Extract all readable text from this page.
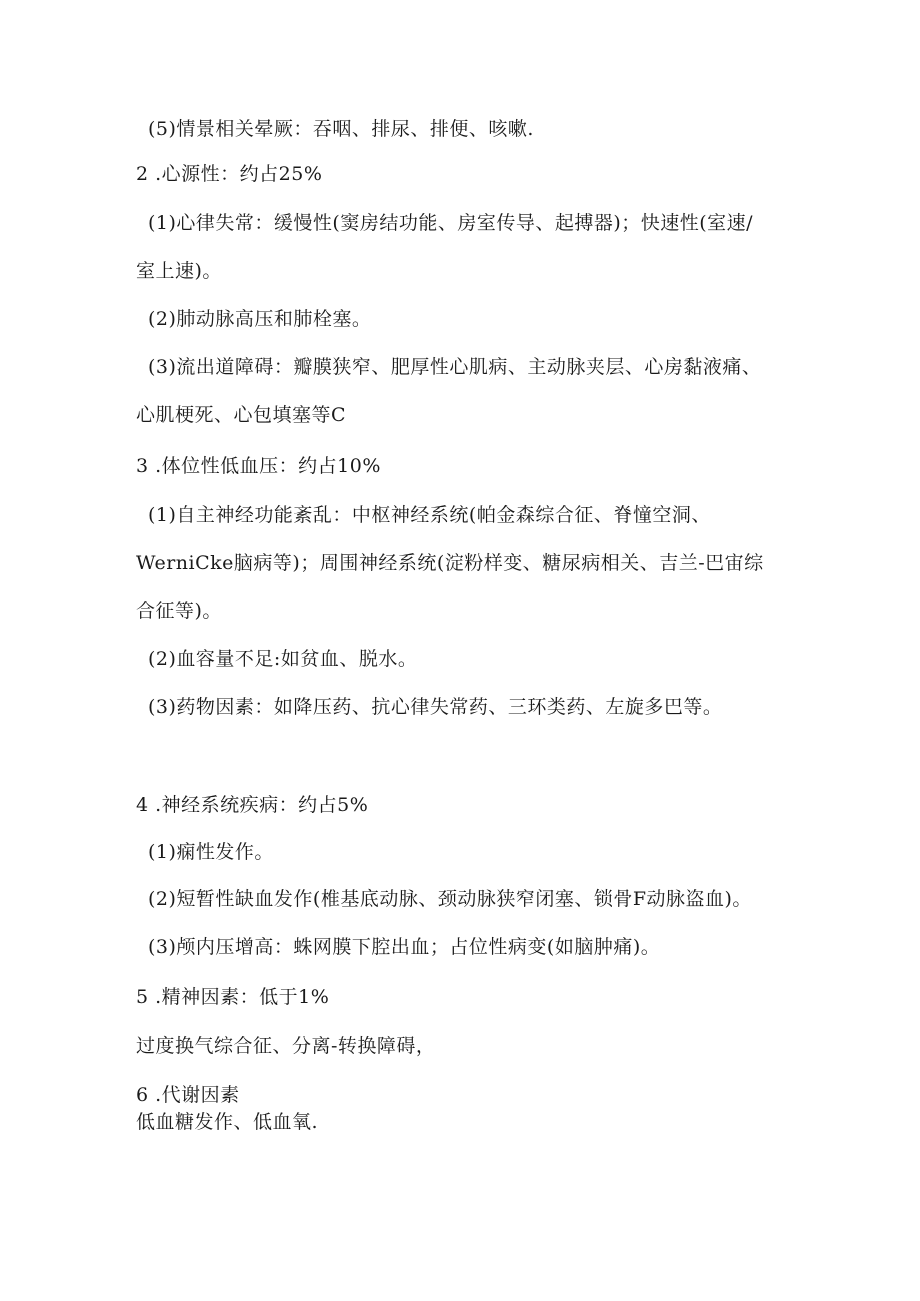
(5)情景相关晕厥：吞咽、排尿、排便、咳嗽.
2 .心源性：约占25%
(1)心律失常：缓慢性(窦房结功能、房室传导、起搏器)；快速性(室速/
室上速)。
(2)肺动脉高压和肺栓塞。
(3)流出道障碍：瓣膜狭窄、肥厚性心肌病、主动脉夹层、心房黏液痛、
心肌梗死、心包填塞等C
3 .体位性低血压：约占10%
(1)自主神经功能紊乱：中枢神经系统(帕金森综合征、脊憧空洞、
WerniCke脑病等)；周围神经系统(淀粉样变、糖尿病相关、吉兰-巴宙综
合征等)。
(2)血容量不足:如贫血、脱水。
(3)药物因素：如降压药、抗心律失常药、三环类药、左旋多巴等。
4 .神经系统疾病：约占5%
(1)痫性发作。
(2)短暂性缺血发作(椎基底动脉、颈动脉狭窄闭塞、锁骨F动脉盗血)。
(3)颅内压增高：蛛网膜下腔出血；占位性病变(如脑肿痛)。
5 .精神因素：低于1%
过度换气综合征、分离-转换障碍，
6 .代谢因素
低血糖发作、低血氧.
